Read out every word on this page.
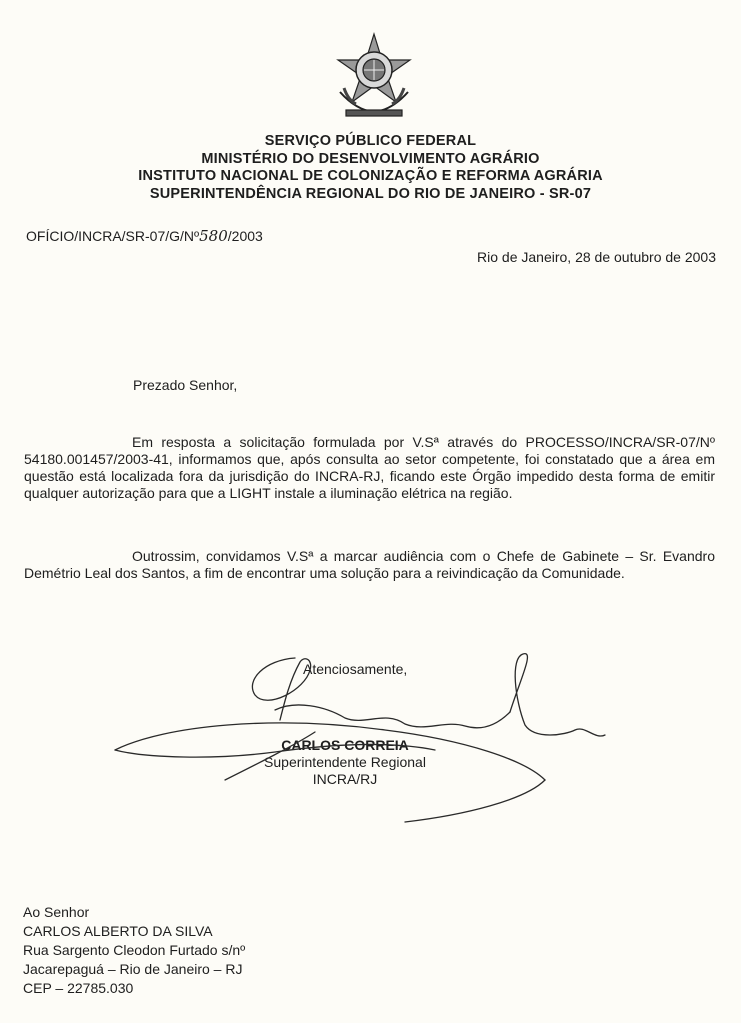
SERVIÇO PÚBLICO FEDERAL
MINISTÉRIO DO DESENVOLVIMENTO AGRÁRIO
INSTITUTO NACIONAL DE COLONIZAÇÃO E REFORMA AGRÁRIA
SUPERINTENDÊNCIA REGIONAL DO RIO DE JANEIRO - SR-07
OFÍCIO/INCRA/SR-07/G/Nº580/2003
Rio de Janeiro, 28 de outubro de 2003
Prezado Senhor,
Em resposta a solicitação formulada por V.Sª através do PROCESSO/INCRA/SR-07/Nº 54180.001457/2003-41, informamos que, após consulta ao setor competente, foi constatado que a área em questão está localizada fora da jurisdição do INCRA-RJ, ficando este Órgão impedido desta forma de emitir qualquer autorização para que a LIGHT instale a iluminação elétrica na região.
Outrossim, convidamos V.Sª a marcar audiência com o Chefe de Gabinete – Sr. Evandro Demétrio Leal dos Santos, a fim de encontrar uma solução para a reivindicação da Comunidade.
Atenciosamente,
CARLOS CORREIA
Superintendente Regional
INCRA/RJ
Ao Senhor
CARLOS ALBERTO DA SILVA
Rua Sargento Cleodon Furtado s/nº
Jacarepaguá – Rio de Janeiro – RJ
CEP – 22785.030
